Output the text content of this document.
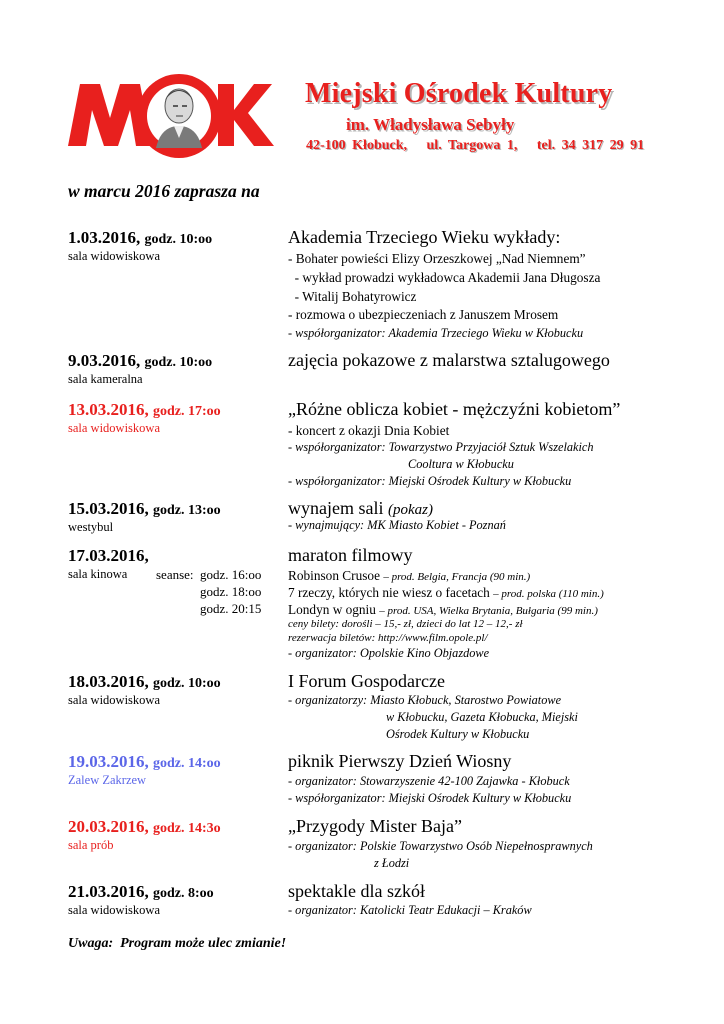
Miejski Ośrodek Kultury
im. Władysława Sebyły
42-100 Kłobuck,   ul. Targowa 1,   tel. 34 317 29 91
w marcu 2016 zaprasza na
1.03.2016, godz. 10:oo
sala widowiskowa
Akademia Trzeciego Wieku wykłady:
- Bohater powieści Elizy Orzeszkowej „Nad Niemnem”
- wykład prowadzi wykładowca Akademii Jana Długosza
- Witalij Bohatyrowicz
- rozmowa o ubezpieczeniach z Januszem Mrosem
- współorganizator: Akademia Trzeciego Wieku w Kłobucku
9.03.2016, godz. 10:oo
sala kameralna
zajęcia pokazowe z malarstwa sztalugowego
13.03.2016, godz. 17:oo
sala widowiskowa
„Różne oblicza kobiet - mężczyźni kobietom”
- koncert z okazji Dnia Kobiet
- współorganizator: Towarzystwo Przyjaciół Sztuk Wszelakich
Cooltura w Kłobucku
- współorganizator: Miejski Ośrodek Kultury w Kłobucku
15.03.2016, godz. 13:oo
westybul
wynajem sali (pokaz)
- wynajmujący: MK Miasto Kobiet - Poznań
17.03.2016,
sala kinowa seanse: godz. 16:oo
godz. 18:oo
godz. 20:15
maraton filmowy
Robinson Crusoe – prod. Belgia, Francja (90 min.)
7 rzeczy, których nie wiesz o facetach – prod. polska (110 min.)
Londyn w ogniu – prod. USA, Wielka Brytania, Bułgaria (99 min.)
ceny bilety: dorośli – 15,- zł, dzieci do lat 12 – 12,- zł
rezerwacja biletów: http://www.film.opole.pl/
- organizator: Opolskie Kino Objazdowe
18.03.2016, godz. 10:oo
sala widowiskowa
I Forum Gospodarcze
- organizatorzy: Miasto Kłobuck, Starostwo Powiatowe
w Kłobucku, Gazeta Kłobucka, Miejski
Ośrodek Kultury w Kłobucku
19.03.2016, godz. 14:oo
Zalew Zakrzew
piknik Pierwszy Dzień Wiosny
- organizator: Stowarzyszenie 42-100 Zajawka - Kłobuck
- współorganizator: Miejski Ośrodek Kultury w Kłobucku
20.03.2016, godz. 14:3o
sala prób
„Przygody Mister Baja”
- organizator: Polskie Towarzystwo Osób Niepełnosprawnych
z Łodzi
21.03.2016, godz. 8:oo
sala widowiskowa
spektakle dla szkół
- organizator: Katolicki Teatr Edukacji – Kraków
Uwaga:  Program może ulec zmianie!
